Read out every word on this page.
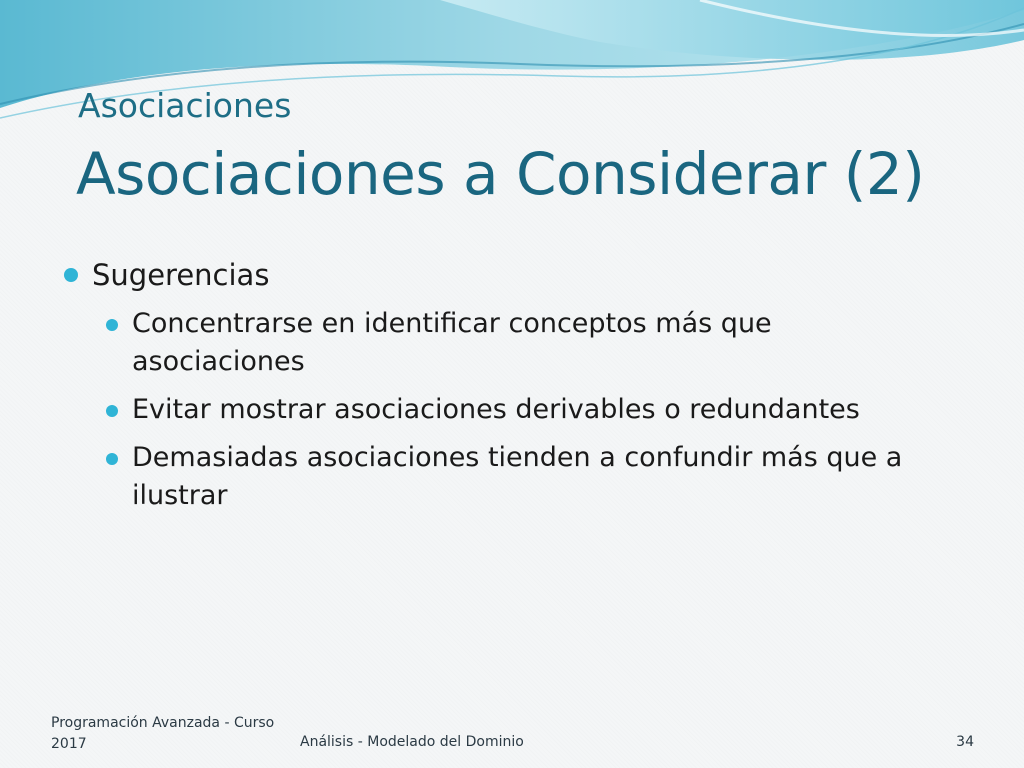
Asociaciones
Asociaciones a Considerar (2)
Sugerencias
Concentrarse en identificar conceptos más que asociaciones
Evitar mostrar asociaciones derivables o redundantes
Demasiadas asociaciones tienden a confundir más que a ilustrar
Programación Avanzada - Curso 2017	Análisis - Modelado del Dominio	34
